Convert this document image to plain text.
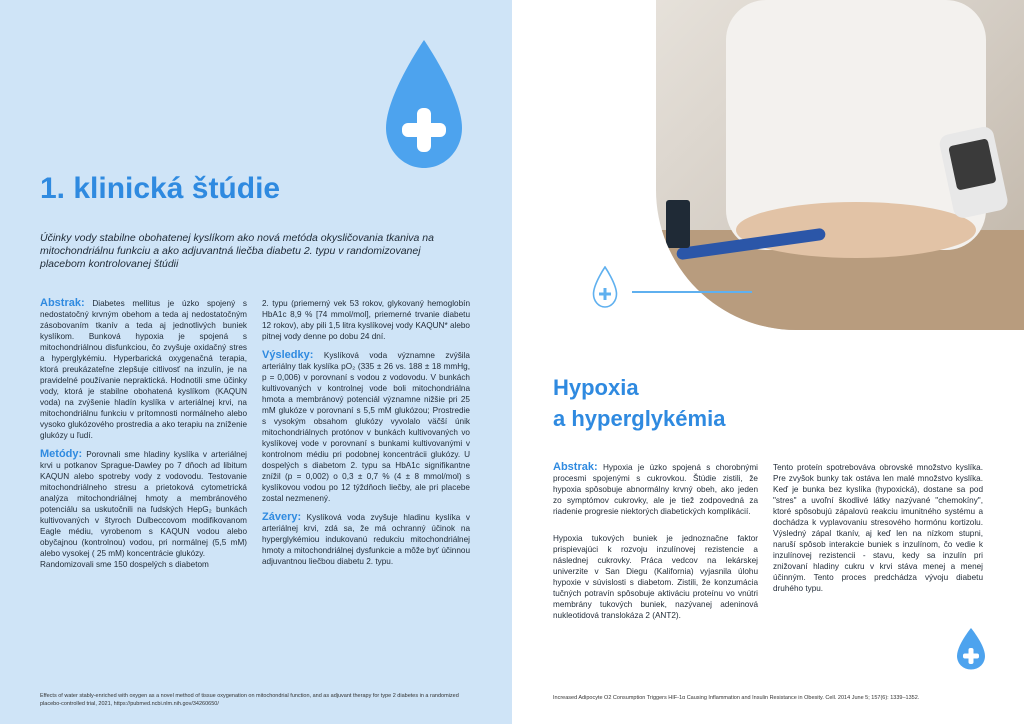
1. klinická štúdie
Účinky vody stabilne obohatenej kyslíkom ako nová metóda okysličovania tkaniva na mitochondriálnu funkciu a ako adjuvantná liečba diabetu 2. typu v randomizovanej placebom kontrolovanej štúdii

Abstrak: Diabetes mellitus je úzko spojený s nedostatočný krvným obehom a teda aj nedostatočným zásobovaním tkanív a teda aj jednotlivých buniek kyslíkom. Bunková hypoxia je spojená s mitochondriálnou disfunkciou, čo zvyšuje oxidačný stres a hyperglykémiu. Hyperbarická oxygenačná terapia, ktorá preukázateľne zlepšuje citlivosť na inzulín, je na pravidelné používanie nepraktická. Hodnotili sme účinky vody, ktorá je stabilne obohatená kyslíkom (KAQUN voda) na zvýšenie hladín kyslíka v arteriálnej krvi, na mitochondriálnu funkciu v prítomnosti normálneho alebo vysoko glukózového prostredia a ako terapiu na zníženie glukózy u ľudí.

Metódy: Porovnali sme hladiny kyslíka v arteriálnej krvi u potkanov Sprague-Dawley po 7 dňoch ad libitum KAQUN alebo spotreby vody z vodovodu. Testovanie mitochondriálneho stresu a prietoková cytometrická analýza mitochondriálnej hmoty a membránového potenciálu sa uskutočnili na ľudských HepG₂ bunkách kultivovaných v štyroch Dulbeccovom modifikovanom Eagle médiu, vyrobenom s KAQUN vodou alebo obyčajnou (kontrolnou) vodou, pri normálnej (5,5 mM) alebo vysokej ( 25 mM) koncentrácie glukózy.

Randomizovali sme 150 dospelých s diabetom

2. typu (priemerný vek 53 rokov, glykovaný hemoglobín HbA1c 8,9 % [74 mmol/mol], priemerné trvanie diabetu 12 rokov), aby pili 1,5 litra kyslíkovej vody KAQUN* alebo pitnej vody denne po dobu 24 dní.

Výsledky: Kyslíková voda významne zvýšila arteriálny tlak kyslíka pO₂ (335 ± 26 vs. 188 ± 18 mmHg, p = 0,006) v porovnaní s vodou z vodovodu. V bunkách kultivovaných v kontrolnej vode boli mitochondriálna hmota a membránový potenciál významne nižšie pri 25 mM glukóze v porovnaní s 5,5 mM glukózou; Prostredie s vysokým obsahom glukózy vyvolalo väčší únik mitochondriálnych protónov v bunkách kultivovaných vo kyslíkovej vode v porovnaní s bunkami kultivovanými v kontrolnom médiu pri podobnej koncentrácii glukózy. U dospelých s diabetom 2. typu sa HbA1c signifikantne znížil (p = 0,002) o 0,3 ± 0,7 % (4 ± 8 mmol/mol) s kyslíkovou vodou po 12 týždňoch liečby, ale pri placebe zostal nezmenený.

Závery: Kyslíková voda zvyšuje hladinu kyslíka v arteriálnej krvi, zdá sa, že má ochranný účinok na hyperglykémiou indukovanú redukciu mitochondriálnej hmoty a mitochondriálnej dysfunkcie a môže byť účinnou adjuvantnou liečbou diabetu 2. typu.

Effects of water stably-enriched with oxygen as a novel method of tissue oxygenation on mitochondrial function, and as adjuvant therapy for type 2 diabetes in a randomized placebo-controlled trial, 2021, https://pubmed.ncbi.nlm.nih.gov/34260650/
Hypoxia
a hyperglykémia

Abstrak: Hypoxia je úzko spojená s chorobnými procesmi spojenými s cukrovkou. Štúdie zistili, že hypoxia spôsobuje abnormálny krvný obeh, ako jeden zo symptómov cukrovky, ale je tiež zodpovedná za riadenie progresie niektorých diabetických komplikácií.

Hypoxia tukových buniek je jednoznačne faktor prispievajúci k rozvoju inzulínovej rezistencie a následnej cukrovky. Práca vedcov na lekárskej univerzite v San Diegu (Kalifornia) vyjasnila úlohu hypoxie v súvislosti s diabetom. Zistili, že konzumácia tučných potravín spôsobuje aktiváciu proteínu vo vnútri membrány tukových buniek, nazývanej adeninová nukleotidová translokáza 2 (ANT2).

Tento proteín spotrebováva obrovské množstvo kyslíka. Pre zvyšok bunky tak ostáva len malé množstvo kyslíka. Keď je bunka bez kyslíka (hypoxická), dostane sa pod "stres" a uvoľní škodlivé látky nazývané "chemokíny", ktoré spôsobujú zápalovú reakciu imunitného systému a dochádza k vyplavovaniu stresového hormónu kortizolu. Výsledný zápal tkanív, aj keď len na nízkom stupni, naruší spôsob interakcie buniek s inzulínom, čo vedie k inzulínovej rezistencii - stavu, kedy sa inzulín pri znižovaní hladiny cukru v krvi stáva menej a menej účinným. Tento proces predchádza vývoju diabetu druhého typu.

Increased Adipocyte O2 Consumption Triggers HIF-1α Causing Inflammation and Insulin Resistance in Obesity. Cell. 2014 June 5; 157(6): 1339–1352.
